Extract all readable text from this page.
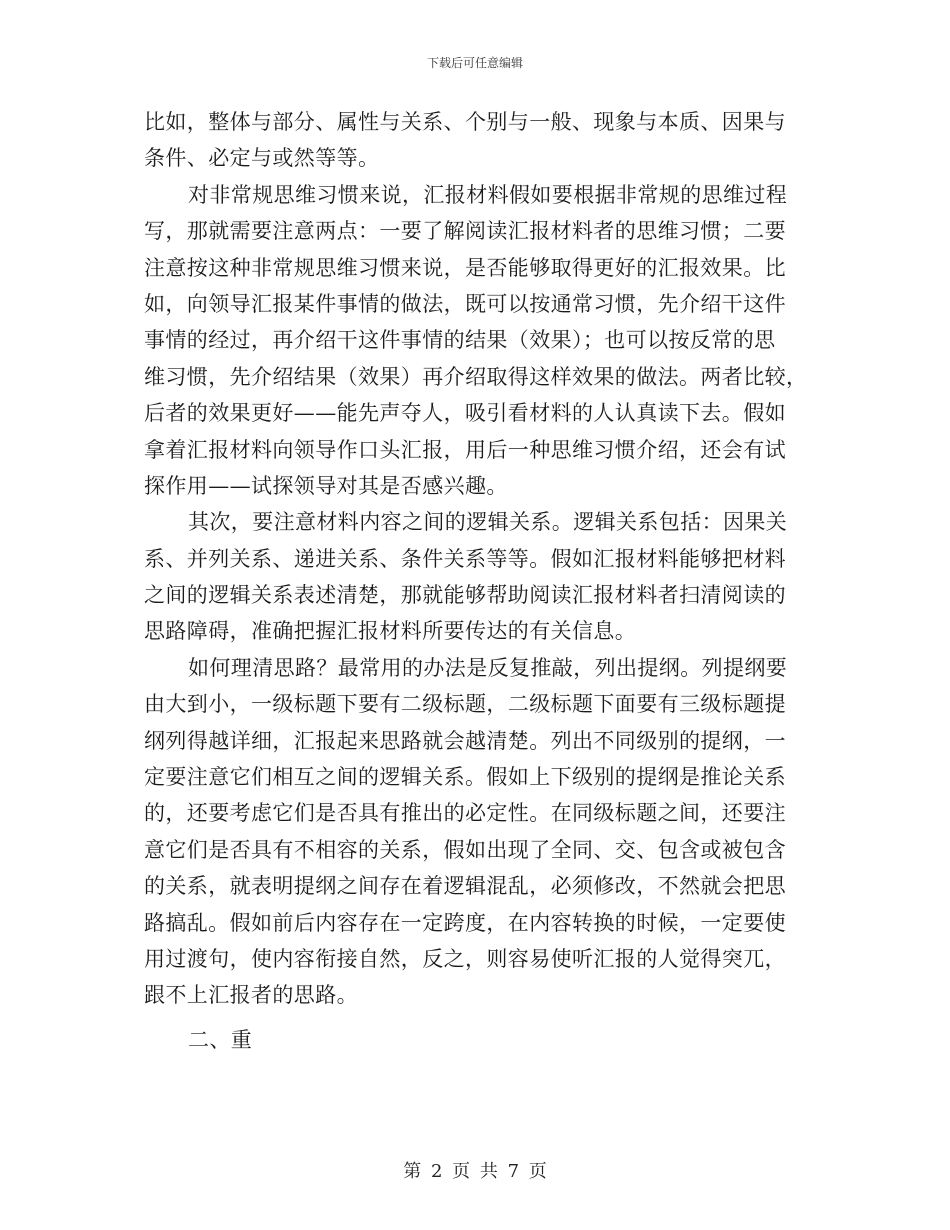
下载后可任意编辑
比如，整体与部分、属性与关系、个别与一般、现象与本质、因果与
条件、必定与或然等等。
对非常规思维习惯来说，汇报材料假如要根据非常规的思维过程
写，那就需要注意两点：一要了解阅读汇报材料者的思维习惯；二要
注意按这种非常规思维习惯来说，是否能够取得更好的汇报效果。比
如，向领导汇报某件事情的做法，既可以按通常习惯，先介绍干这件
事情的经过，再介绍干这件事情的结果（效果）；也可以按反常的思
维习惯，先介绍结果（效果）再介绍取得这样效果的做法。两者比较，
后者的效果更好——能先声夺人，吸引看材料的人认真读下去。假如
拿着汇报材料向领导作口头汇报，用后一种思维习惯介绍，还会有试
探作用——试探领导对其是否感兴趣。
其次，要注意材料内容之间的逻辑关系。逻辑关系包括：因果关
系、并列关系、递进关系、条件关系等等。假如汇报材料能够把材料
之间的逻辑关系表述清楚，那就能够帮助阅读汇报材料者扫清阅读的
思路障碍，准确把握汇报材料所要传达的有关信息。
如何理清思路？最常用的办法是反复推敲，列出提纲。列提纲要
由大到小，一级标题下要有二级标题，二级标题下面要有三级标题提
纲列得越详细，汇报起来思路就会越清楚。列出不同级别的提纲，一
定要注意它们相互之间的逻辑关系。假如上下级别的提纲是推论关系
的，还要考虑它们是否具有推出的必定性。在同级标题之间，还要注
意它们是否具有不相容的关系，假如出现了全同、交、包含或被包含
的关系，就表明提纲之间存在着逻辑混乱，必须修改，不然就会把思
路搞乱。假如前后内容存在一定跨度，在内容转换的时候，一定要使
用过渡句，使内容衔接自然，反之，则容易使听汇报的人觉得突兀，
跟不上汇报者的思路。
二、重
第 2 页 共 7 页
